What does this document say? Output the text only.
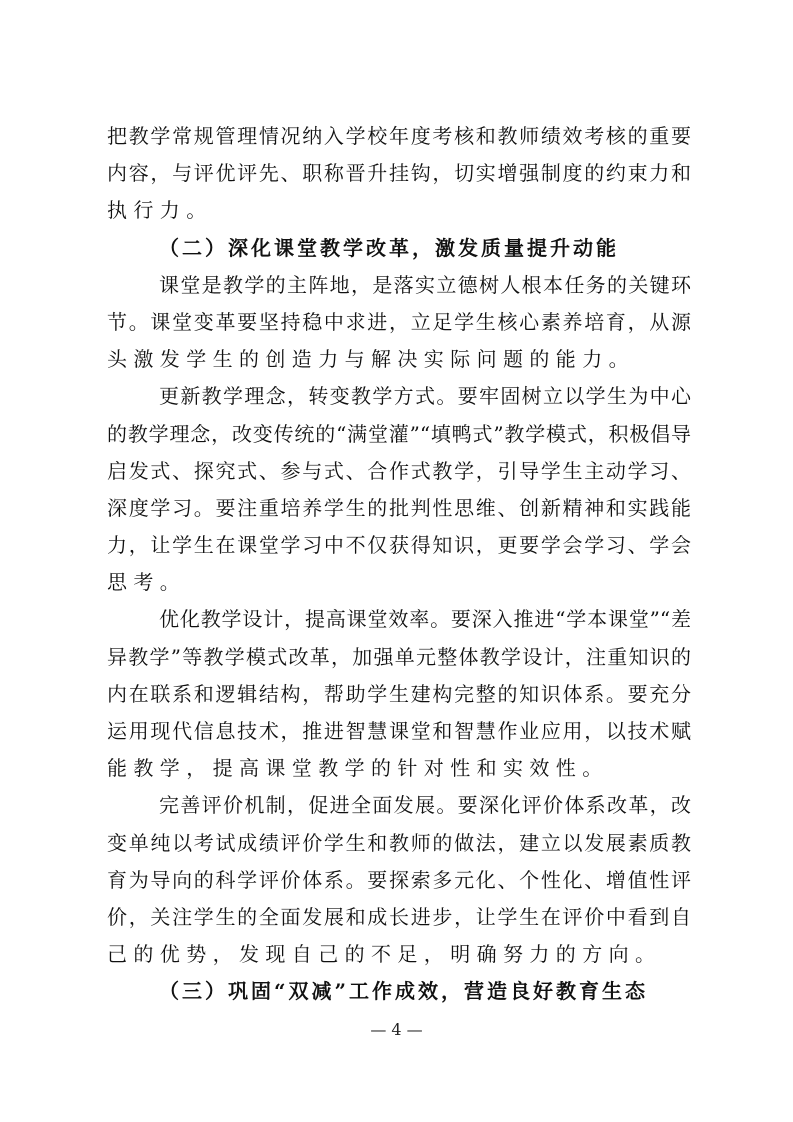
把教学常规管理情况纳入学校年度考核和教师绩效考核的重要
内容，与评优评先、职称晋升挂钩，切实增强制度的约束力和
执行力。
（二）深化课堂教学改革，激发质量提升动能
课堂是教学的主阵地，是落实立德树人根本任务的关键环
节。课堂变革要坚持稳中求进，立足学生核心素养培育，从源
头激发学生的创造力与解决实际问题的能力。
更新教学理念，转变教学方式。要牢固树立以学生为中心
的教学理念，改变传统的“满堂灌”“填鸭式”教学模式，积极倡导
启发式、探究式、参与式、合作式教学，引导学生主动学习、
深度学习。要注重培养学生的批判性思维、创新精神和实践能
力，让学生在课堂学习中不仅获得知识，更要学会学习、学会
思考。
优化教学设计，提高课堂效率。要深入推进“学本课堂”“差
异教学”等教学模式改革，加强单元整体教学设计，注重知识的
内在联系和逻辑结构，帮助学生建构完整的知识体系。要充分
运用现代信息技术，推进智慧课堂和智慧作业应用，以技术赋
能教学，提高课堂教学的针对性和实效性。
完善评价机制，促进全面发展。要深化评价体系改革，改
变单纯以考试成绩评价学生和教师的做法，建立以发展素质教
育为导向的科学评价体系。要探索多元化、个性化、增值性评
价，关注学生的全面发展和成长进步，让学生在评价中看到自
己的优势，发现自己的不足，明确努力的方向。
（三）巩固“双减”工作成效，营造良好教育生态
— 4 —
